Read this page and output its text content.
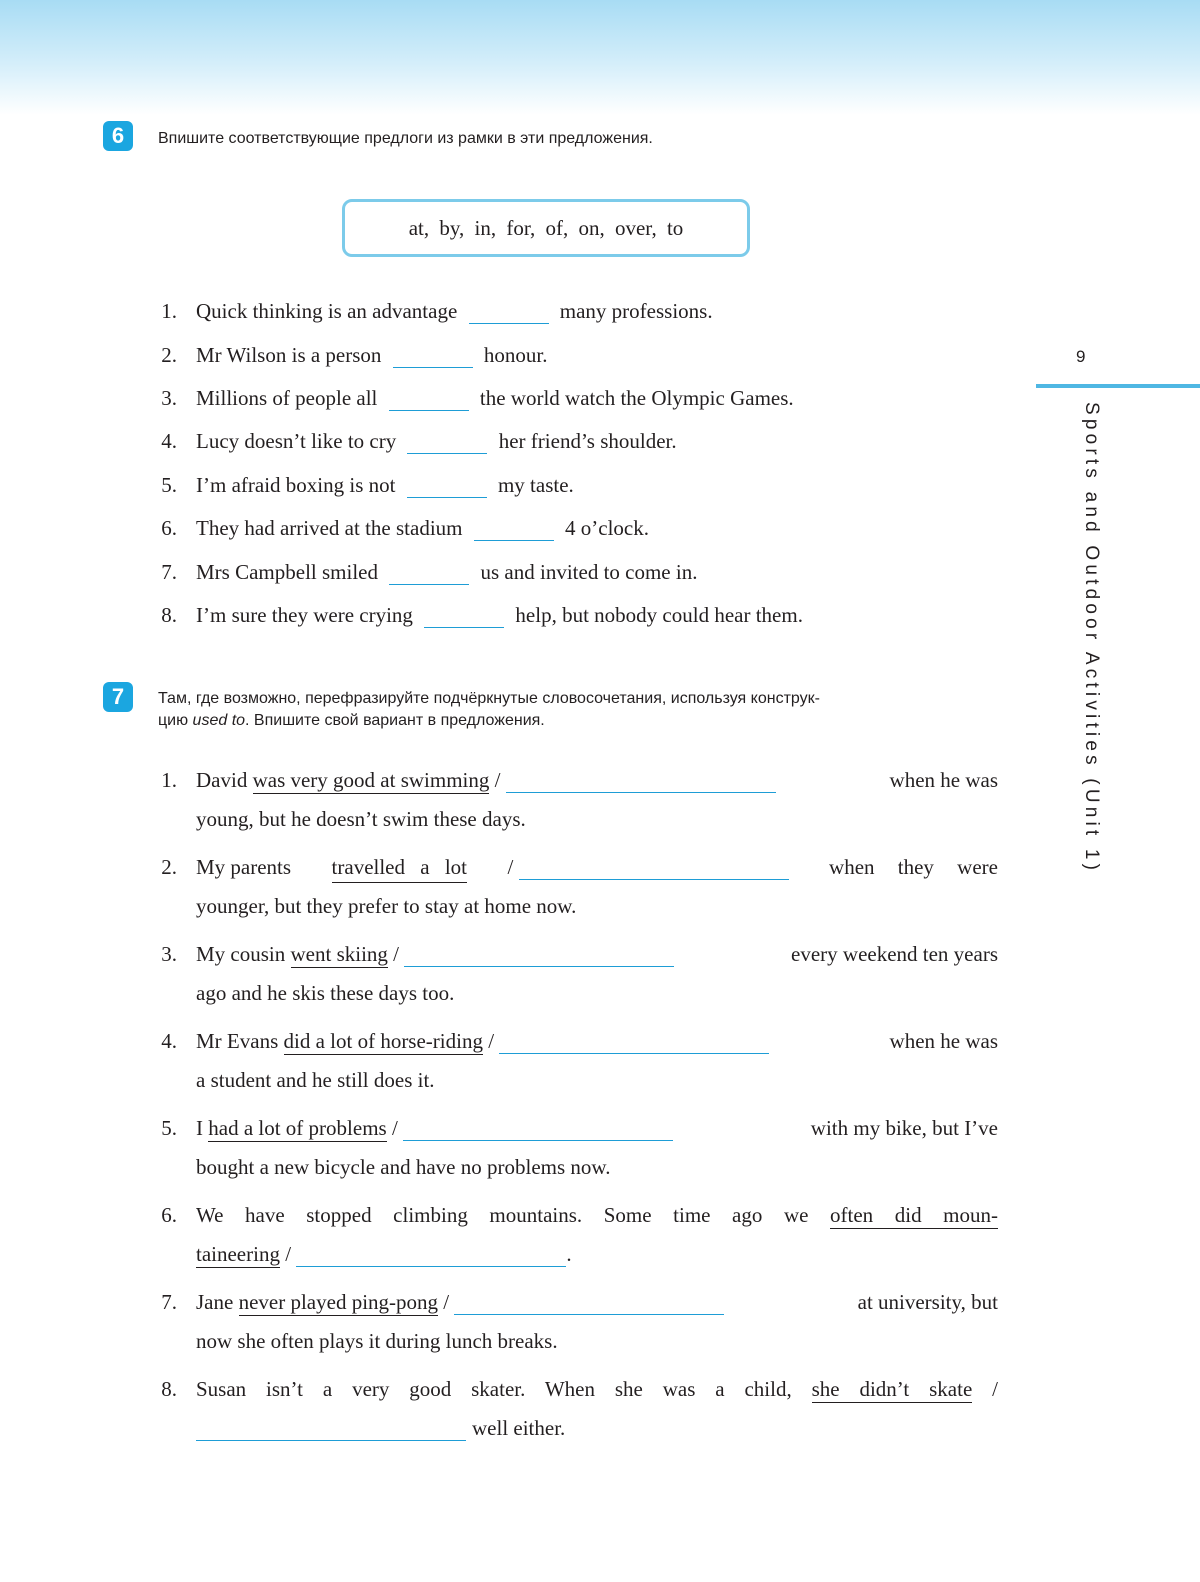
6	Впишите соответствующие предлоги из рамки в эти предложения.
at, by, in, for, of, on, over, to
1. Quick thinking is an advantage	many professions.
2. Mr Wilson is a person	honour.
3. Millions of people all	the world watch the Olympic Games.
4. Lucy doesn’t like to cry	her friend’s shoulder.
5. I’m afraid boxing is not	my taste.
6. They had arrived at the stadium	4 o’clock.
7. Mrs Campbell smiled	us and invited to come in.
8. I’m sure they were crying	help, but nobody could hear them.
7	Там, где возможно, перефразируйте подчёркнутые словосочетания, используя конструк-
цию used to. Впишите свой вариант в предложения.
1. David was very good at swimming /	when he was
young, but he doesn’t swim these days.
2. My parents travelled a lot /	when they were
younger, but they prefer to stay at home now.
3. My cousin went skiing /	every weekend ten years
ago and he skis these days too.
4. Mr Evans did a lot of horse-riding /	when he was
a student and he still does it.
5. I had a lot of problems /	with my bike, but I’ve
bought a new bicycle and have no problems now.
6. We have stopped climbing mountains. Some time ago we often did moun-
taineering /	.
7. Jane never played ping-pong /	at university, but
now she often plays it during lunch breaks.
8. Susan isn’t a very good skater. When she was a child, she didn’t skate /
well either.
9
Sports and Outdoor Activities (Unit 1)
